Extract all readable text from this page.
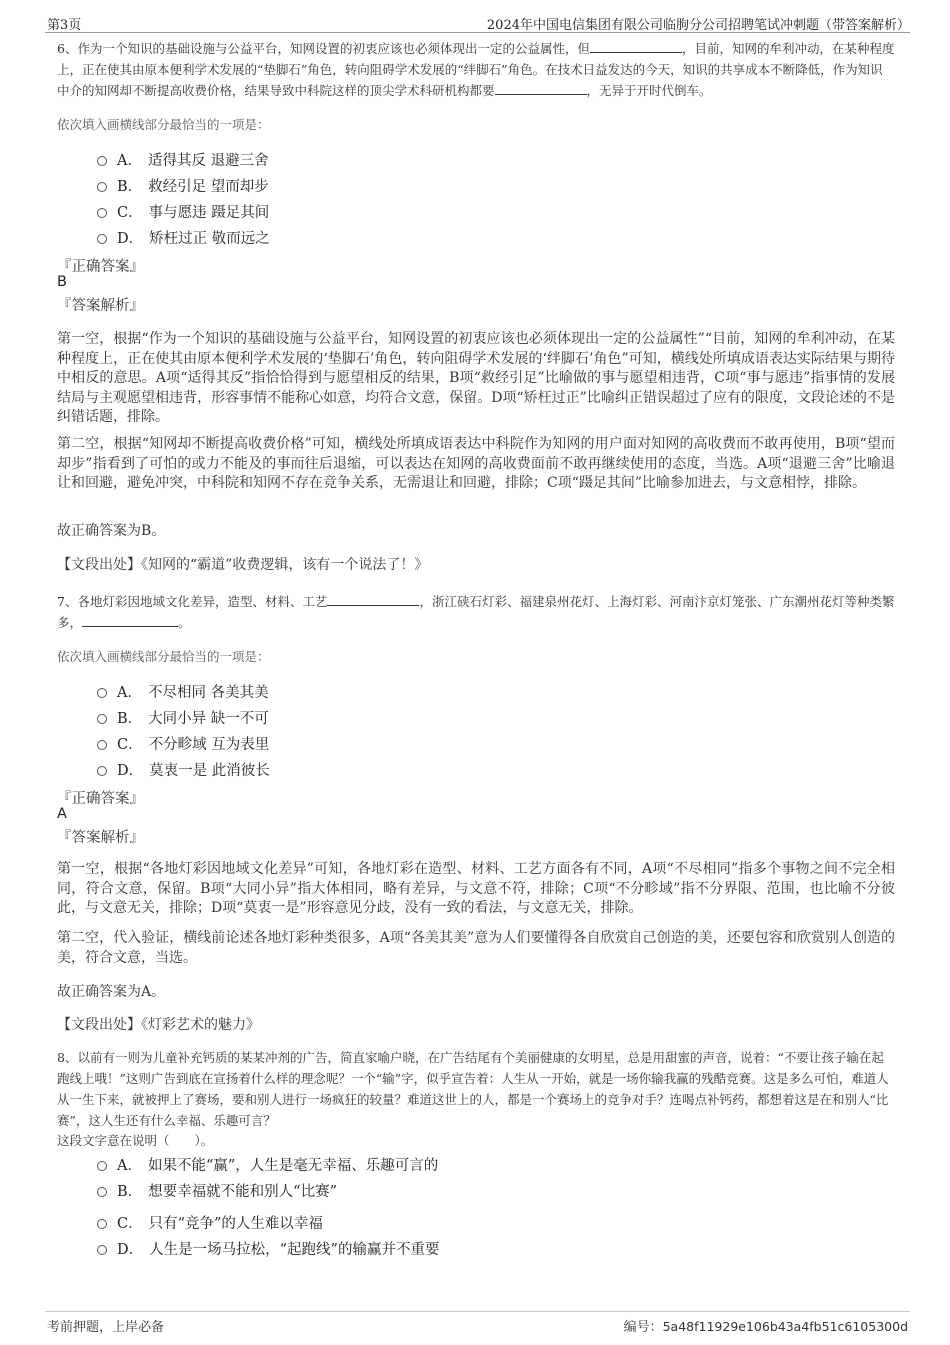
第3页	2024年中国电信集团有限公司临朐分公司招聘笔试冲刺题（带答案解析）
6、作为一个知识的基础设施与公益平台，知网设置的初衷应该也必须体现出一定的公益属性，但	，目前，知网的牟利冲动，在某种程度上，正在使其由原本便利学术发展的“垫脚石”角色，转向阻碍学术发展的“绊脚石”角色。在技术日益发达的今天，知识的共享成本不断降低，作为知识中介的知网却不断提高收费价格，结果导致中科院这样的顶尖学术科研机构都要	，无异于开时代倒车。
依次填入画横线部分最恰当的一项是：
A． 适得其反 退避三舍
B． 救经引足 望而却步
C． 事与愿违 蹑足其间
D． 矫枉过正 敬而远之
『正确答案』
B
『答案解析』
第一空，根据“作为一个知识的基础设施与公益平台，知网设置的初衷应该也必须体现出一定的公益属性”“目前，知网的牟利冲动，在某种程度上，正在使其由原本便利学术发展的‘垫脚石’角色，转向阻碍学术发展的‘绊脚石’角色”可知，横线处所填成语表达实际结果与期待中相反的意思。A项“适得其反”指恰恰得到与愿望相反的结果，B项“救经引足”比喻做的事与愿望相违背，C项“事与愿违”指事情的发展结局与主观愿望相违背，形容事情不能称心如意，均符合文意，保留。D项“矫枉过正”比喻纠正错误超过了应有的限度，文段论述的不是纠错话题，排除。
第二空，根据“知网却不断提高收费价格”可知，横线处所填成语表达中科院作为知网的用户面对知网的高收费而不敢再使用，B项“望而却步”指看到了可怕的或力不能及的事而往后退缩，可以表达在知网的高收费面前不敢再继续使用的态度，当选。A项“退避三舍”比喻退让和回避，避免冲突，中科院和知网不存在竞争关系，无需退让和回避，排除；C项“蹑足其间”比喻参加进去，与文意相悖，排除。
故正确答案为B。
【文段出处】《知网的“霸道”收费逻辑，该有一个说法了！》
7、各地灯彩因地域文化差异，造型、材料、工艺	，浙江硖石灯彩、福建泉州花灯、上海灯彩、河南汴京灯笼张、广东潮州花灯等种类繁多，	。
依次填入画横线部分最恰当的一项是：
A． 不尽相同 各美其美
B． 大同小异 缺一不可
C． 不分畛域 互为表里
D． 莫衷一是 此消彼长
『正确答案』
A
『答案解析』
第一空，根据“各地灯彩因地域文化差异”可知，各地灯彩在造型、材料、工艺方面各有不同，A项“不尽相同”指多个事物之间不完全相同，符合文意，保留。B项“大同小异”指大体相同，略有差异，与文意不符，排除；C项“不分畛域”指不分界限、范围，也比喻不分彼此，与文意无关，排除；D项“莫衷一是”形容意见分歧，没有一致的看法，与文意无关，排除。
第二空，代入验证，横线前论述各地灯彩种类很多，A项“各美其美”意为人们要懂得各自欣赏自己创造的美，还要包容和欣赏别人创造的美，符合文意，当选。
故正确答案为A。
【文段出处】《灯彩艺术的魅力》
8、以前有一则为儿童补充钙质的某某冲剂的广告，简直家喻户晓，在广告结尾有个美丽健康的女明星，总是用甜蜜的声音，说着：“不要让孩子输在起跑线上哦！”这则广告到底在宣扬着什么样的理念呢？一个“输”字，似乎宣告着：人生从一开始，就是一场你输我赢的残酷竞赛。这是多么可怕，难道人从一生下来，就被押上了赛场，要和别人进行一场疯狂的较量？难道这世上的人，都是一个赛场上的竞争对手？连喝点补钙药，都想着这是在和别人“比赛”，这人生还有什么幸福、乐趣可言？
这段文字意在说明（　　）。
A． 如果不能“赢”，人生是毫无幸福、乐趣可言的
B． 想要幸福就不能和别人“比赛”
C． 只有“竞争”的人生难以幸福
D． 人生是一场马拉松，“起跑线”的输赢并不重要
考前押题，上岸必备	编号：5a48f11929e106b43a4fb51c6105300d
